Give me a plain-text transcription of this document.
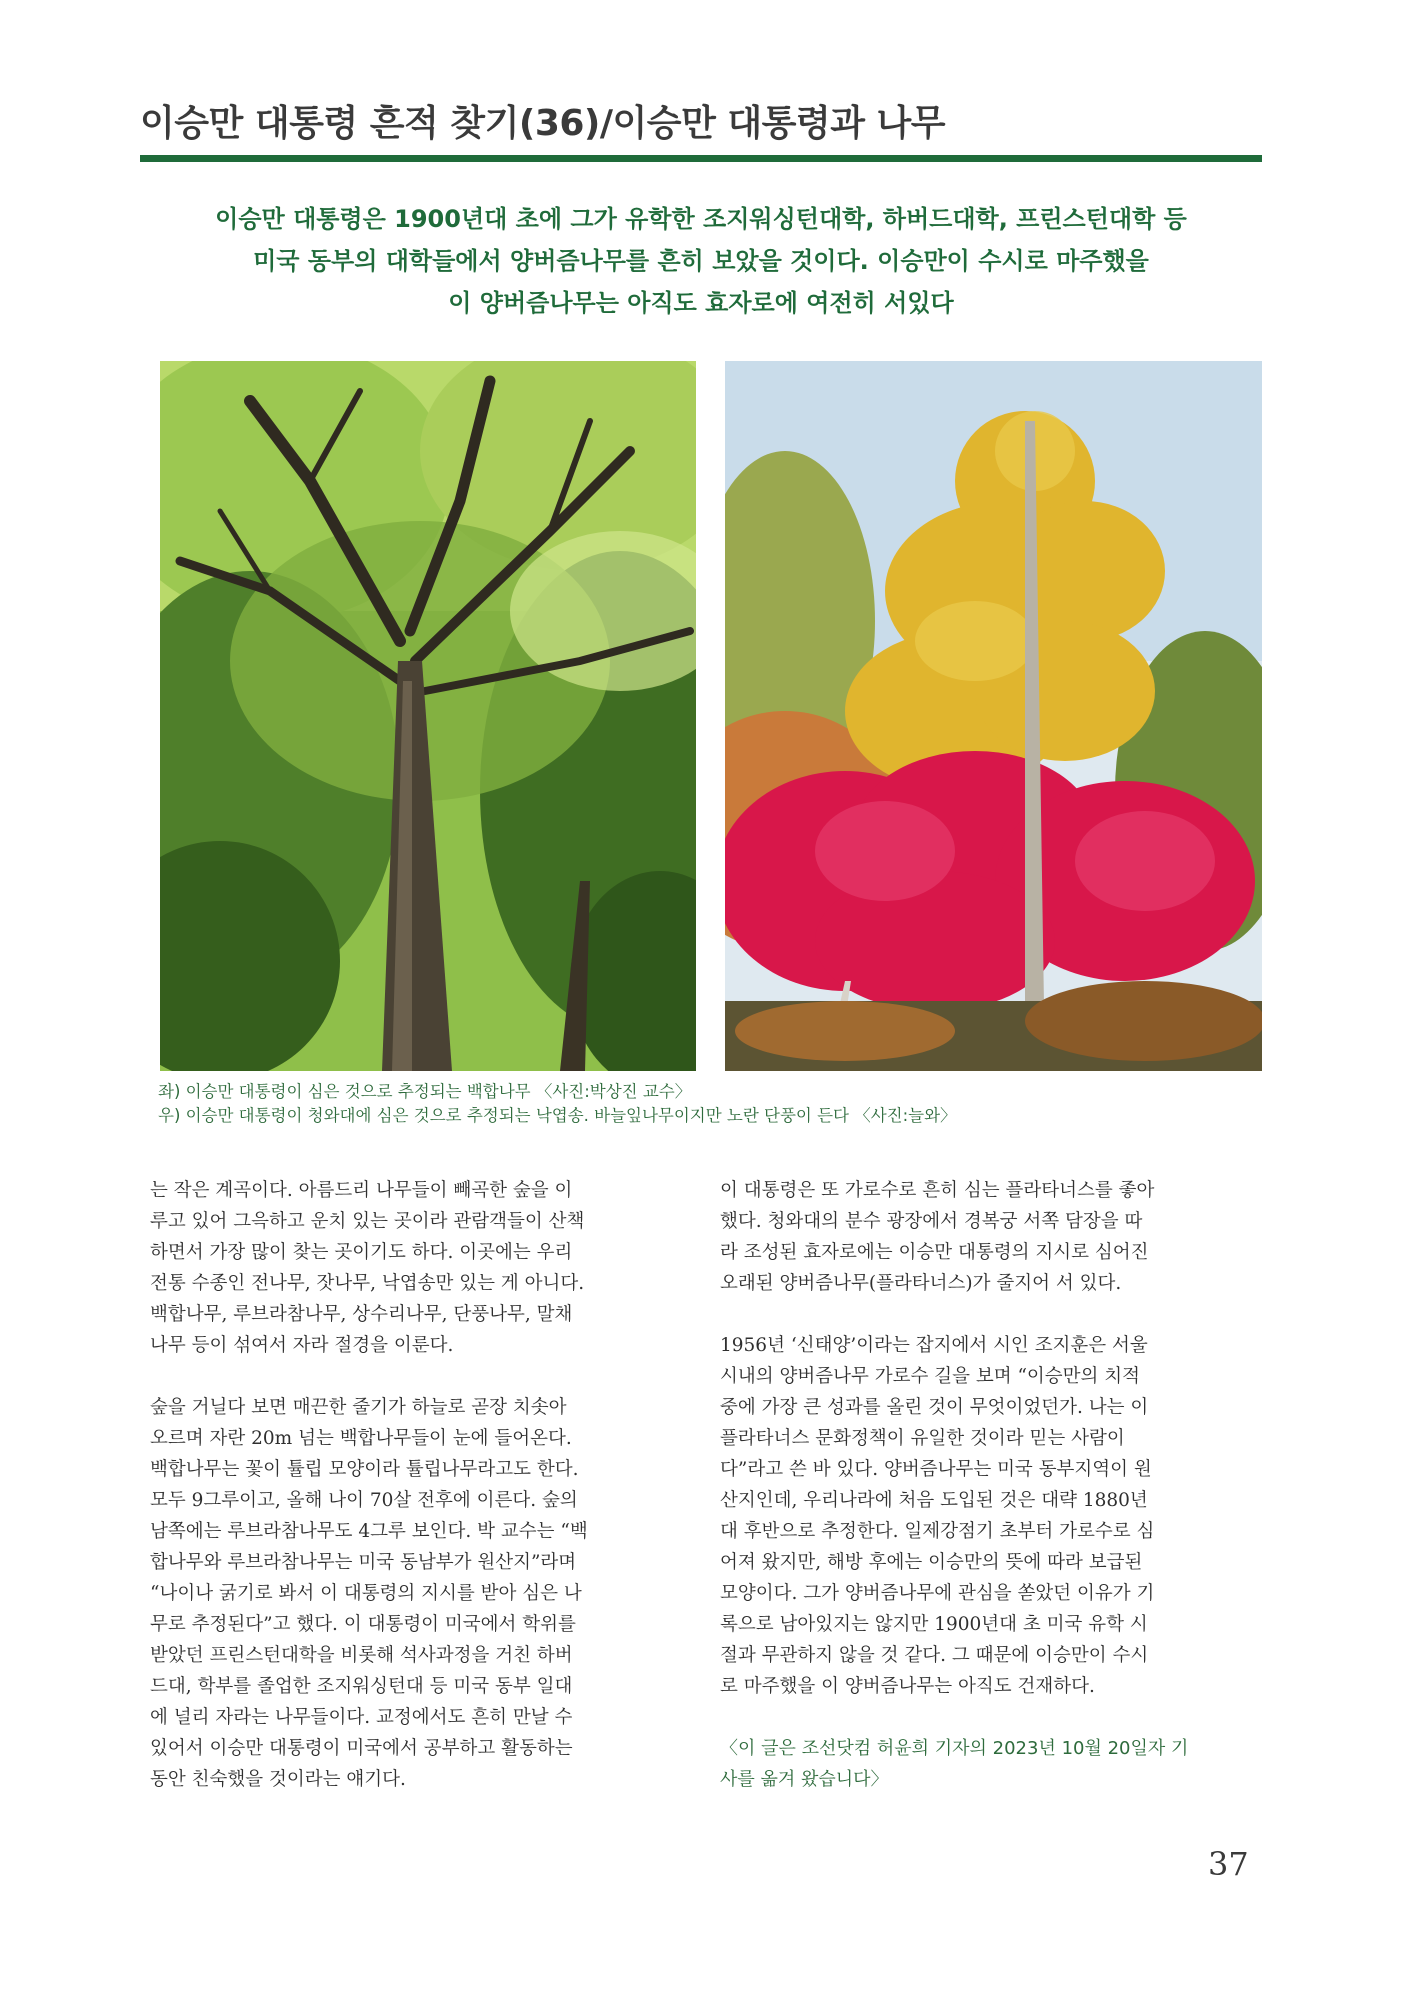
이승만 대통령 흔적 찾기(36)/이승만 대통령과 나무

이승만 대통령은 1900년대 초에 그가 유학한 조지워싱턴대학, 하버드대학, 프린스턴대학 등

미국 동부의 대학들에서 양버즘나무를 흔히 보았을 것이다. 이승만이 수시로 마주했을

이 양버즘나무는 아직도 효자로에 여전히 서있다

좌) 이승만 대통령이 심은 것으로 추정되는 백합나무 〈사진:박상진 교수〉

우) 이승만 대통령이 청와대에 심은 것으로 추정되는 낙엽송. 바늘잎나무이지만 노란 단풍이 든다 〈사진:늘와〉

는 작은 계곡이다. 아름드리 나무들이 빼곡한 숲을 이

루고 있어 그윽하고 운치 있는 곳이라 관람객들이 산책

하면서 가장 많이 찾는 곳이기도 하다. 이곳에는 우리

전통 수종인 전나무, 잣나무, 낙엽송만 있는 게 아니다.

백합나무, 루브라참나무, 상수리나무, 단풍나무, 말채

나무 등이 섞여서 자라 절경을 이룬다.

숲을 거닐다 보면 매끈한 줄기가 하늘로 곧장 치솟아

오르며 자란 20m 넘는 백합나무들이 눈에 들어온다.

백합나무는 꽃이 튤립 모양이라 튤립나무라고도 한다.

모두 9그루이고, 올해 나이 70살 전후에 이른다. 숲의

남쪽에는 루브라참나무도 4그루 보인다. 박 교수는 “백

합나무와 루브라참나무는 미국 동남부가 원산지”라며

“나이나 굵기로 봐서 이 대통령의 지시를 받아 심은 나

무로 추정된다”고 했다. 이 대통령이 미국에서 학위를

받았던 프린스턴대학을 비롯해 석사과정을 거친 하버

드대, 학부를 졸업한 조지워싱턴대 등 미국 동부 일대

에 널리 자라는 나무들이다. 교정에서도 흔히 만날 수

있어서 이승만 대통령이 미국에서 공부하고 활동하는

동안 친숙했을 것이라는 얘기다.

이 대통령은 또 가로수로 흔히 심는 플라타너스를 좋아

했다. 청와대의 분수 광장에서 경복궁 서쪽 담장을 따

라 조성된 효자로에는 이승만 대통령의 지시로 심어진

오래된 양버즘나무(플라타너스)가 줄지어 서 있다.

1956년 ‘신태양’이라는 잡지에서 시인 조지훈은 서울

시내의 양버즘나무 가로수 길을 보며 “이승만의 치적

중에 가장 큰 성과를 올린 것이 무엇이었던가. 나는 이

플라타너스 문화정책이 유일한 것이라 믿는 사람이

다”라고 쓴 바 있다. 양버즘나무는 미국 동부지역이 원

산지인데, 우리나라에 처음 도입된 것은 대략 1880년

대 후반으로 추정한다. 일제강점기 초부터 가로수로 심

어져 왔지만, 해방 후에는 이승만의 뜻에 따라 보급된

모양이다. 그가 양버즘나무에 관심을 쏟았던 이유가 기

록으로 남아있지는 않지만 1900년대 초 미국 유학 시

절과 무관하지 않을 것 같다. 그 때문에 이승만이 수시

로 마주했을 이 양버즘나무는 아직도 건재하다.

〈이 글은 조선닷컴 허윤희 기자의 2023년 10월 20일자 기

사를 옮겨 왔습니다〉

37
